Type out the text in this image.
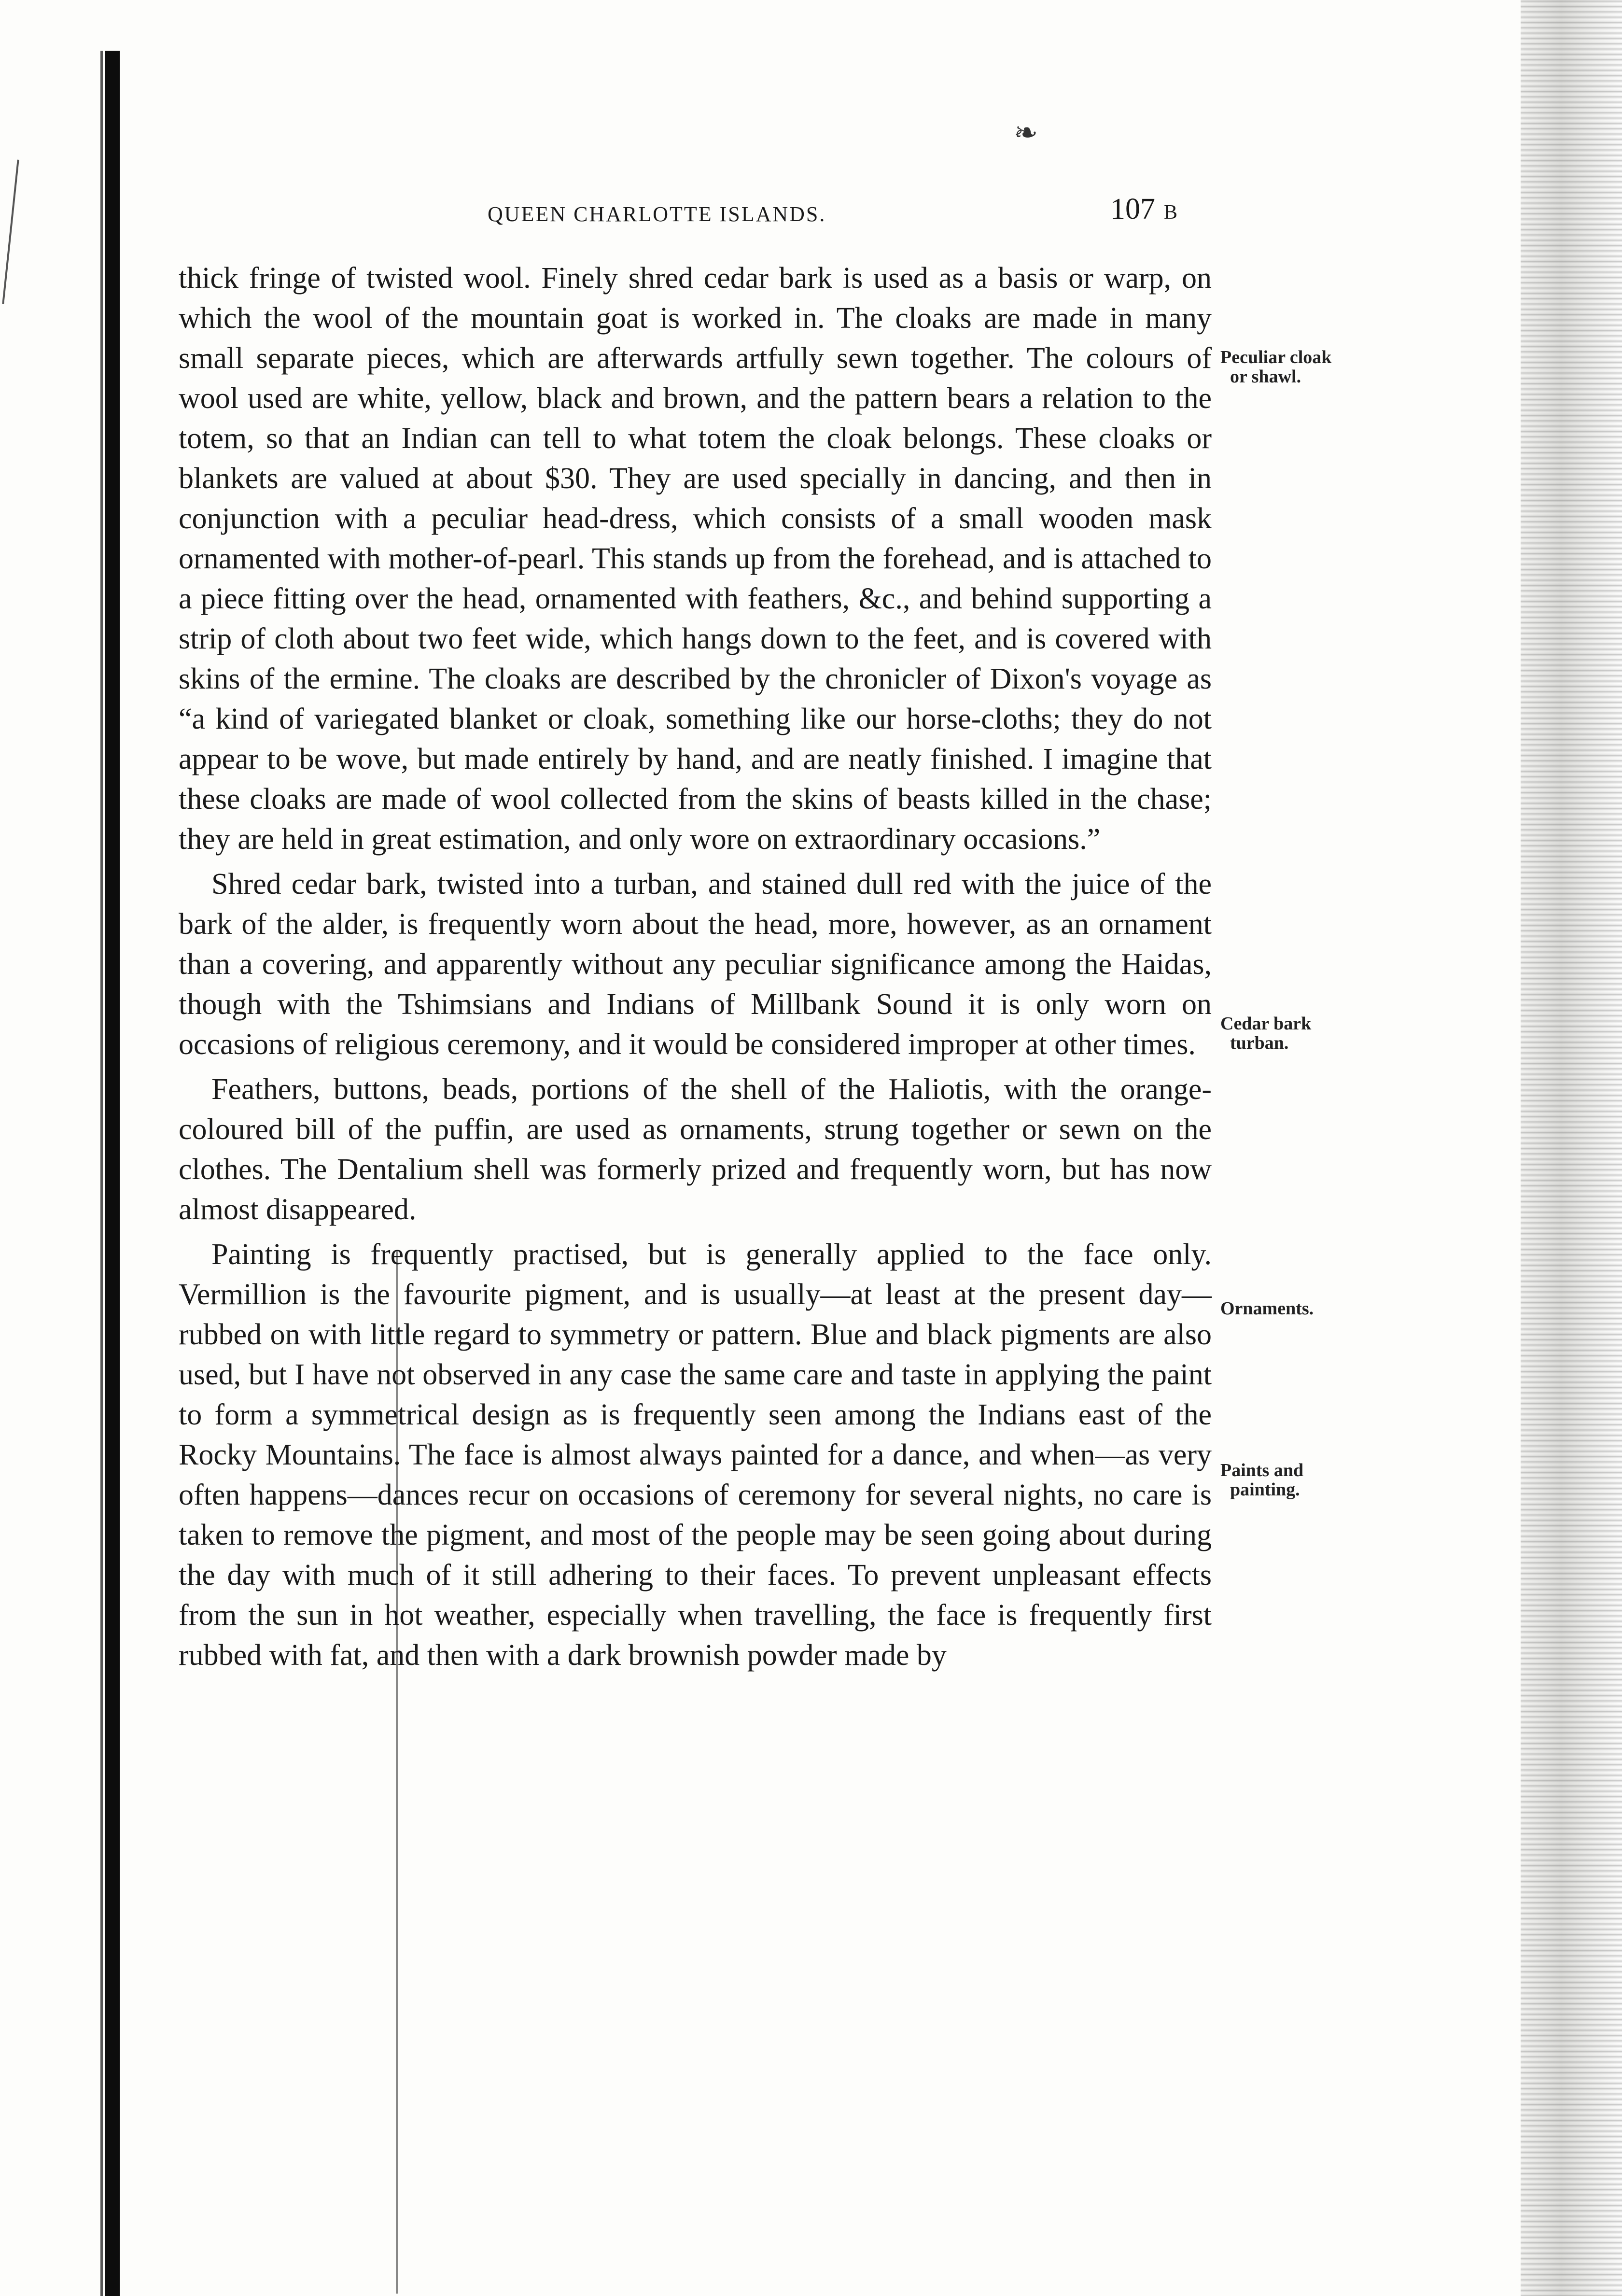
❧
QUEEN CHARLOTTE ISLANDS.	107 B

thick fringe of twisted wool. Finely shred cedar bark is used as a basis or warp, on which the wool of the mountain goat is worked in. The cloaks are made in many small separate pieces, which are afterwards artfully sewn together. The colours of wool used are white, yellow, black and brown, and the pattern bears a relation to the totem, so that an Indian can tell to what totem the cloak belongs. These cloaks or blankets are valued at about $30. They are used specially in dancing, and then in conjunction with a peculiar head-dress, which consists of a small wooden mask ornamented with mother-of-pearl. This stands up from the forehead, and is attached to a piece fitting over the head, ornamented with feathers, &c., and behind supporting a strip of cloth about two feet wide, which hangs down to the feet, and is covered with skins of the ermine. The cloaks are described by the chronicler of Dixon's voyage as “a kind of variegated blanket or cloak, something like our horse-cloths; they do not appear to be wove, but made entirely by hand, and are neatly finished. I imagine that these cloaks are made of wool collected from the skins of beasts killed in the chase; they are held in great estimation, and only wore on extraordinary occasions.”

Shred cedar bark, twisted into a turban, and stained dull red with the juice of the bark of the alder, is frequently worn about the head, more, however, as an ornament than a covering, and apparently without any peculiar significance among the Haidas, though with the Tshimsians and Indians of Millbank Sound it is only worn on occasions of religious ceremony, and it would be considered improper at other times.

Feathers, buttons, beads, portions of the shell of the Haliotis, with the orange-coloured bill of the puffin, are used as ornaments, strung together or sewn on the clothes. The Dentalium shell was formerly prized and frequently worn, but has now almost disappeared.

Painting is frequently practised, but is generally applied to the face only. Vermillion is the favourite pigment, and is usually—at least at the present day—rubbed on with little regard to symmetry or pattern. Blue and black pigments are also used, but I have not observed in any case the same care and taste in applying the paint to form a symmetrical design as is frequently seen among the Indians east of the Rocky Mountains. The face is almost always painted for a dance, and when—as very often happens—dances recur on occasions of ceremony for several nights, no care is taken to remove the pigment, and most of the people may be seen going about during the day with much of it still adhering to their faces. To prevent unpleasant effects from the sun in hot weather, especially when travelling, the face is frequently first rubbed with fat, and then with a dark brownish powder made by

Peculiar cloak
or shawl.
Cedar bark
turban.
Ornaments.
Paints and
painting.
